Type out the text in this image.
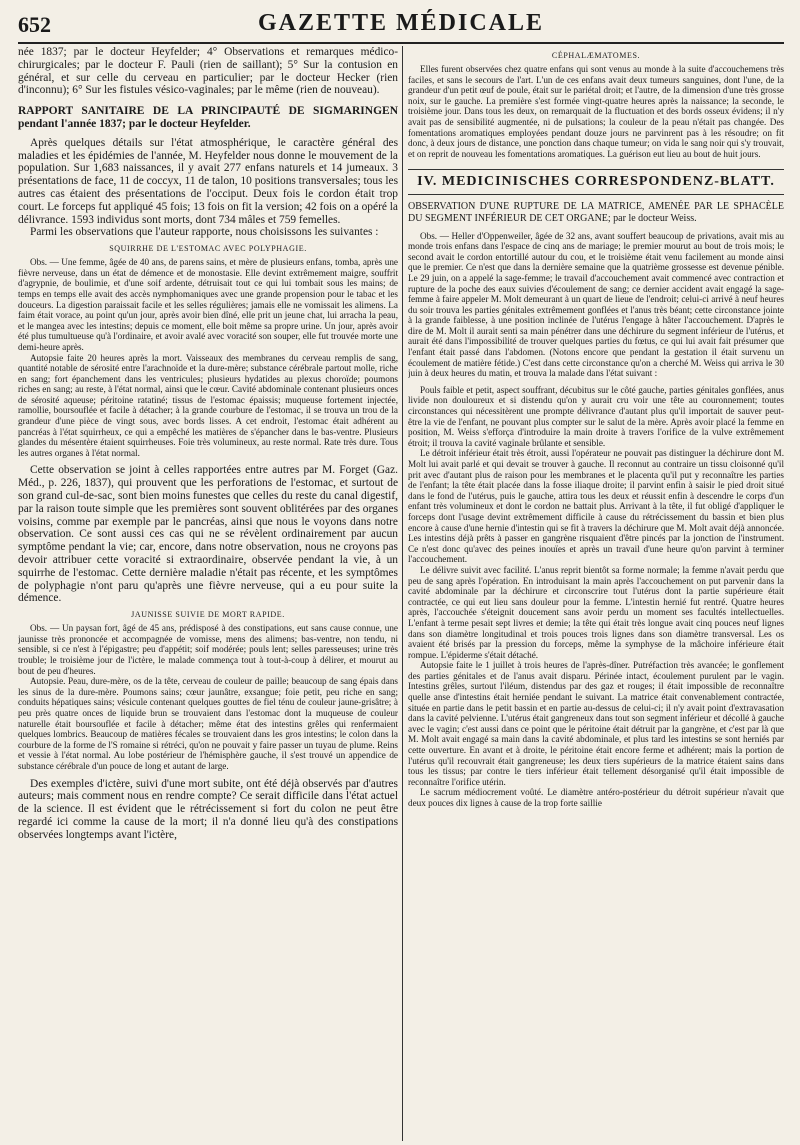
652	GAZETTE MÉDICALE

née 1837; par le docteur Heyfelder; 4° Observations et remarques médico-chirurgicales; par le docteur F. Pauli (rien de saillant); 5° Sur la contusion en général, et sur celle du cerveau en particulier; par le docteur Hecker (rien d'inconnu); 6° Sur les fistules vésico-vaginales; par le même (rien de nouveau).

RAPPORT SANITAIRE DE LA PRINCIPAUTÉ DE SIGMARINGEN pendant l'année 1837; par le docteur Heyfelder.

Après quelques détails sur l'état atmosphérique, le caractère général des maladies et les épidémies de l'année, M. Heyfelder nous donne le mouvement de la population. Sur 1,683 naissances, il y avait 277 enfans naturels et 14 jumeaux. 3 présentations de face, 11 de coccyx, 11 de talon, 10 positions transversales; tous les autres cas étaient des présentations de l'occiput. Deux fois le cordon était trop court. Le forceps fut appliqué 45 fois; 13 fois on fit la version; 42 fois on a opéré la délivrance. 1593 individus sont morts, dont 734 mâles et 759 femelles.

Parmi les observations que l'auteur rapporte, nous choisissons les suivantes :

SQUIRRHE DE L'ESTOMAC AVEC POLYPHAGIE.

Obs. — Une femme, âgée de 40 ans, de parens sains, et mère de plusieurs enfans, tomba, après une fièvre nerveuse, dans un état de démence et de monostasie. Elle devint extrêmement maigre, souffrit d'agrypnie, de boulimie, et d'une soif ardente, détruisait tout ce qui lui tombait sous les mains; de temps en temps elle avait des accès nymphomaniques avec une grande propension pour le tabac et les douceurs. La digestion paraissait facile et les selles régulières; jamais elle ne vomissait les alimens. La faim était vorace, au point qu'un jour, après avoir bien dîné, elle prit un jeune chat, lui arracha la peau, et le mangea avec les intestins; depuis ce moment, elle boit même sa propre urine. Un jour, après avoir été plus tumultueuse qu'à l'ordinaire, et avoir avalé avec voracité son souper, elle fut trouvée morte une demi-heure après.

Autopsie faite 20 heures après la mort. Vaisseaux des membranes du cerveau remplis de sang, quantité notable de sérosité entre l'arachnoïde et la dure-mère; substance cérébrale partout molle, riche en sang; fort épanchement dans les ventricules; plusieurs hydatides au plexus choroïde; poumons riches en sang; au reste, à l'état normal, ainsi que le cœur. Cavité abdominale contenant plusieurs onces de sérosité aqueuse; péritoine ratatiné; tissus de l'estomac épaissis; muqueuse fortement injectée, ramollie, boursouflée et facile à détacher; à la grande courbure de l'estomac, il se trouva un trou de la grandeur d'une pièce de vingt sous, avec bords lisses. A cet endroit, l'estomac était adhérent au pancréas à l'état squirrheux, ce qui a empêché les matières de s'épancher dans le bas-ventre. Plusieurs glandes du mésentère étaient squirrheuses. Foie très volumineux, au reste normal. Rate très dure. Tous les autres organes à l'état normal.

Cette observation se joint à celles rapportées entre autres par M. Forget (Gaz. Méd., p. 226, 1837), qui prouvent que les perforations de l'estomac, et surtout de son grand cul-de-sac, sont bien moins funestes que celles du reste du canal digestif, par la raison toute simple que les premières sont souvent oblitérées par des organes voisins, comme par exemple par le pancréas, ainsi que nous le voyons dans notre observation. Ce sont aussi ces cas qui ne se révèlent ordinairement par aucun symptôme pendant la vie; car, encore, dans notre observation, nous ne croyons pas devoir attribuer cette voracité si extraordinaire, observée pendant la vie, à un squirrhe de l'estomac. Cette dernière maladie n'était pas récente, et les symptômes de polyphagie n'ont paru qu'après une fièvre nerveuse, qui a eu pour suite la démence.

JAUNISSE SUIVIE DE MORT RAPIDE.

Obs. — Un paysan fort, âgé de 45 ans, prédisposé à des constipations, eut sans cause connue, une jaunisse très prononcée et accompagnée de vomisse, mens des alimens; bas-ventre, non tendu, ni sensible, si ce n'est à l'épigastre; peu d'appétit; soif modérée; pouls lent; selles paresseuses; urine très trouble; le troisième jour de l'ictère, le malade commença tout à tout-à-coup à délirer, et mourut au bout de peu d'heures.

Autopsie. Peau, dure-mère, os de la tête, cerveau de couleur de paille; beaucoup de sang épais dans les sinus de la dure-mère. Poumons sains; cœur jaunâtre, exsangue; foie petit, peu riche en sang; conduits hépatiques sains; vésicule contenant quelques gouttes de fiel ténu de couleur jaune-grisâtre; à peu près quatre onces de liquide brun se trouvaient dans l'estomac dont la muqueuse de couleur naturelle était boursouflée et facile à détacher; même état des intestins grêles qui renfermaient quelques lombrics. Beaucoup de matières fécales se trouvaient dans les gros intestins; le colon dans la courbure de la forme de l'S romaine si rétréci, qu'on ne pouvait y faire passer un tuyau de plume. Reins et vessie à l'état normal. Au lobe postérieur de l'hémisphère gauche, il s'est trouvé un appendice de substance cérébrale d'un pouce de long et autant de large.

Des exemples d'ictère, suivi d'une mort subite, ont été déjà observés par d'autres auteurs; mais comment nous en rendre compte? Ce serait difficile dans l'état actuel de la science. Il est évident que le rétrécissement si fort du colon ne peut être regardé ici comme la cause de la mort; il n'a donné lieu qu'à des constipations observées longtemps avant l'ictère,

CÉPHALÆMATOMES.

Elles furent observées chez quatre enfans qui sont venus au monde à la suite d'accouchemens très faciles, et sans le secours de l'art. L'un de ces enfans avait deux tumeurs sanguines, dont l'une, de la grandeur d'un petit œuf de poule, était sur le pariétal droit; et l'autre, de la dimension d'une très grosse noix, sur le gauche. La première s'est formée vingt-quatre heures après la naissance; la seconde, le troisième jour. Dans tous les deux, on remarquait de la fluctuation et des bords osseux évidens; il n'y avait pas de sensibilité augmentée, ni de pulsations; la couleur de la peau n'était pas changée. Des fomentations aromatiques employées pendant douze jours ne parvinrent pas à les résoudre; on fit donc, à deux jours de distance, une ponction dans chaque tumeur; on vida le sang noir qui s'y trouvait, et on reprit de nouveau les fomentations aromatiques. La guérison eut lieu au bout de huit jours.

IV. MEDICINISCHES CORRESPONDENZ-BLATT.

OBSERVATION D'UNE RUPTURE DE LA MATRICE, AMENÉE PAR LE SPHACÈLE DU SEGMENT INFÉRIEUR DE CET ORGANE; par le docteur Weiss.

Obs. — Heller d'Oppenweiler, âgée de 32 ans, avant souffert beaucoup de privations, avait mis au monde trois enfans dans l'espace de cinq ans de mariage; le premier mourut au bout de trois mois; le second avait le cordon entortillé autour du cou, et le troisième était venu facilement au monde ainsi que le premier. Ce n'est que dans la dernière semaine que la quatrième grossesse est devenue pénible. Le 29 juin, on a appelé la sage-femme; le travail d'accouchement avait commencé avec contraction et rupture de la poche des eaux suivies d'écoulement de sang; ce dernier accident avait engagé la sage-femme à faire appeler M. Molt demeurant à un quart de lieue de l'endroit; celui-ci arrivé à neuf heures du soir trouva les parties génitales extrêmement gonflées et l'anus très béant; cette circonstance jointe à la grande faiblesse, à une position inclinée de l'utérus l'engage à hâter l'accouchement. D'après le dire de M. Molt il aurait senti sa main pénétrer dans une déchirure du segment inférieur de l'utérus, et aurait été dans l'impossibilité de trouver quelques parties du fœtus, ce qui lui avait fait présumer que l'enfant était passé dans l'abdomen. (Notons encore que pendant la gestation il était survenu un écoulement de matière fétide.) C'est dans cette circonstance qu'on a cherché M. Weiss qui arriva le 30 juin à deux heures du matin, et trouva la malade dans l'état suivant :

Pouls faible et petit, aspect souffrant, décubitus sur le côté gauche, parties génitales gonflées, anus livide non douloureux et si distendu qu'on y aurait cru voir une tête au couronnement; toutes circonstances qui nécessitèrent une prompte délivrance d'autant plus qu'il importait de sauver peut-être la vie de l'enfant, ne pouvant plus compter sur le salut de la mère. Après avoir placé la femme en position, M. Weiss s'efforça d'introduire la main droite à travers l'orifice de la vulve extrêmement étroit; il trouva la cavité vaginale brûlante et sensible.

Le détroit inférieur était très étroit, aussi l'opérateur ne pouvait pas distinguer la déchirure dont M. Molt lui avait parlé et qui devait se trouver à gauche. Il reconnut au contraire un tissu cloisonné qu'il prit avec d'autant plus de raison pour les membranes et le placenta qu'il put y reconnaître les parties de l'enfant; la tête était placée dans la fosse iliaque droite; il parvint enfin à saisir le pied droit situé dans le fond de l'utérus, puis le gauche, attira tous les deux et réussit enfin à descendre le corps d'un enfant très volumineux et dont le cordon ne battait plus. Arrivant à la tête, il fut obligé d'appliquer le forceps dont l'usage devint extrêmement difficile à cause du rétrécissement du bassin et bien plus encore à cause d'une hernie d'intestin qui se fit à travers la déchirure que M. Molt avait déjà annoncée. Les intestins déjà prêts à passer en gangrène risquaient d'être pincés par la jonction de l'instrument. Ce n'est donc qu'avec des peines inouïes et après un travail d'une heure qu'on parvint à terminer l'accouchement.

Le délivre suivit avec facilité. L'anus reprit bientôt sa forme normale; la femme n'avait perdu que peu de sang après l'opération. En introduisant la main après l'accouchement on put parvenir dans la cavité abdominale par la déchirure et circonscrire tout l'utérus dont la partie supérieure était contractée, ce qui eut lieu sans douleur pour la femme. L'intestin hernié fut rentré. Quatre heures après, l'accouchée s'éteignit doucement sans avoir perdu un moment ses facultés intellectuelles. L'enfant à terme pesait sept livres et demie; la tête qui était très longue avait cinq pouces neuf lignes dans son diamètre longitudinal et trois pouces trois lignes dans son diamètre transversal. Les os avaient été brisés par la pression du forceps, même la symphyse de la mâchoire inférieure était rompue. L'épiderme s'était détaché.

Autopsie faite le 1 juillet à trois heures de l'après-dîner. Putréfaction très avancée; le gonflement des parties génitales et de l'anus avait disparu. Périnée intact, écoulement purulent par le vagin. Intestins grêles, surtout l'iléum, distendus par des gaz et rouges; il était impossible de reconnaître quelle anse d'intestins était herniée pendant le suivant. La matrice était convenablement contractée, située en partie dans le petit bassin et en partie au-dessus de celui-ci; il n'y avait point d'extravasation dans la cavité pelvienne. L'utérus était gangreneux dans tout son segment inférieur et décollé à gauche avec le vagin; c'est aussi dans ce point que le péritoine était détruit par la gangrène, et c'est par là que M. Molt avait engagé sa main dans la cavité abdominale, et plus tard les intestins se sont herniés par cette ouverture. En avant et à droite, le péritoine était encore ferme et adhérent; mais la portion de l'utérus qu'il recouvrait était gangreneuse; les deux tiers supérieurs de la matrice étaient sains dans tous les tissus; par contre le tiers inférieur était tellement désorganisé qu'il était impossible de reconnaître l'orifice utérin.

Le sacrum médiocrement voûté. Le diamètre antéro-postérieur du détroit supérieur n'avait que deux pouces dix lignes à cause de la trop forte saillie
